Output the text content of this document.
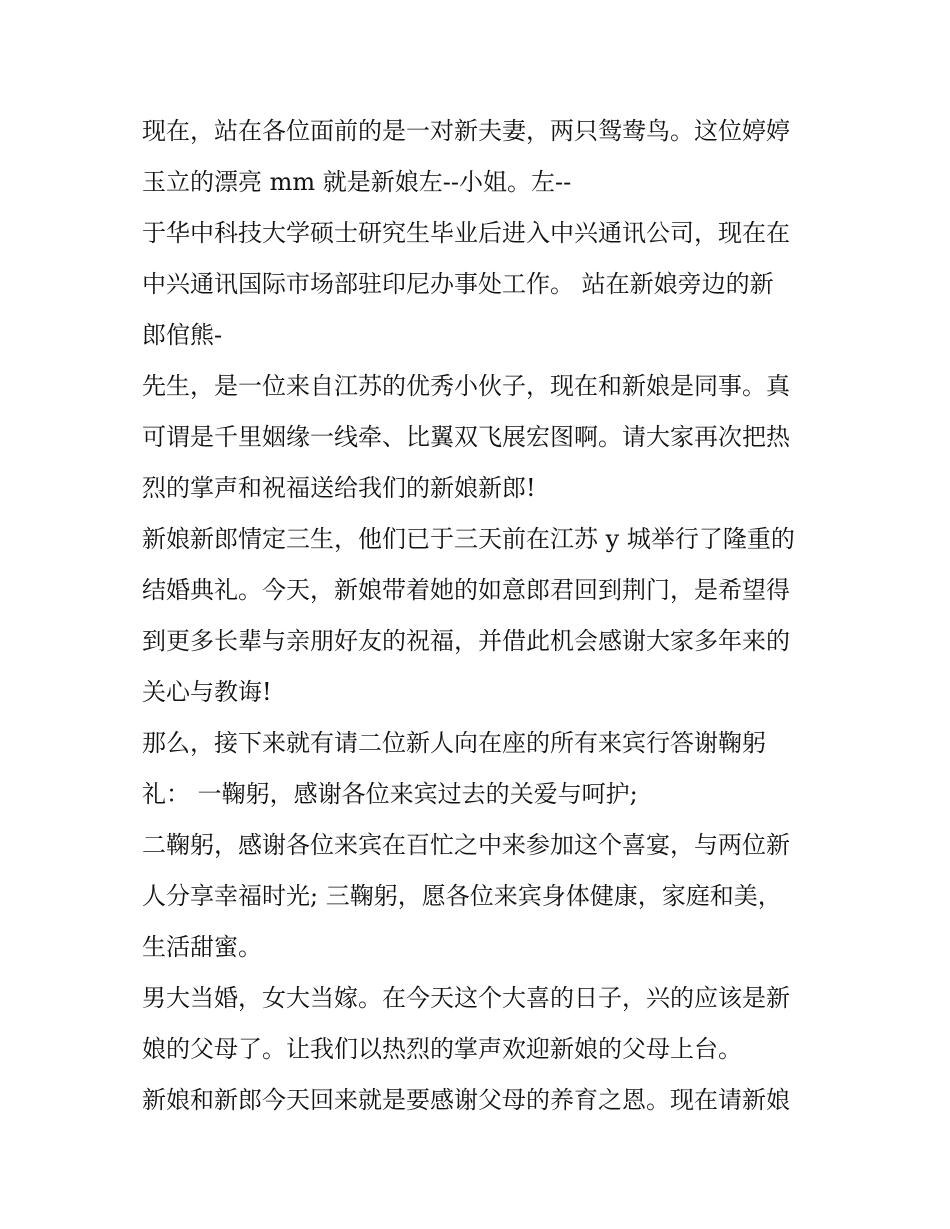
现在，站在各位面前的是一对新夫妻，两只鸳鸯鸟。这位婷婷
玉立的漂亮 mm 就是新娘左--小姐。左--
于华中科技大学硕士研究生毕业后进入中兴通讯公司，现在在
中兴通讯国际市场部驻印尼办事处工作。 站在新娘旁边的新
郎倌熊-
先生，是一位来自江苏的优秀小伙子，现在和新娘是同事。真
可谓是千里姻缘一线牵、比翼双飞展宏图啊。请大家再次把热
烈的掌声和祝福送给我们的新娘新郎!
新娘新郎情定三生，他们已于三天前在江苏 y 城举行了隆重的
结婚典礼。今天，新娘带着她的如意郎君回到荆门，是希望得
到更多长辈与亲朋好友的祝福，并借此机会感谢大家多年来的
关心与教诲!
那么，接下来就有请二位新人向在座的所有来宾行答谢鞠躬
礼： 一鞠躬，感谢各位来宾过去的关爱与呵护;
二鞠躬，感谢各位来宾在百忙之中来参加这个喜宴，与两位新
人分享幸福时光; 三鞠躬，愿各位来宾身体健康，家庭和美，
生活甜蜜。
男大当婚，女大当嫁。在今天这个大喜的日子，兴的应该是新
娘的父母了。让我们以热烈的掌声欢迎新娘的父母上台。
新娘和新郎今天回来就是要感谢父母的养育之恩。现在请新娘
